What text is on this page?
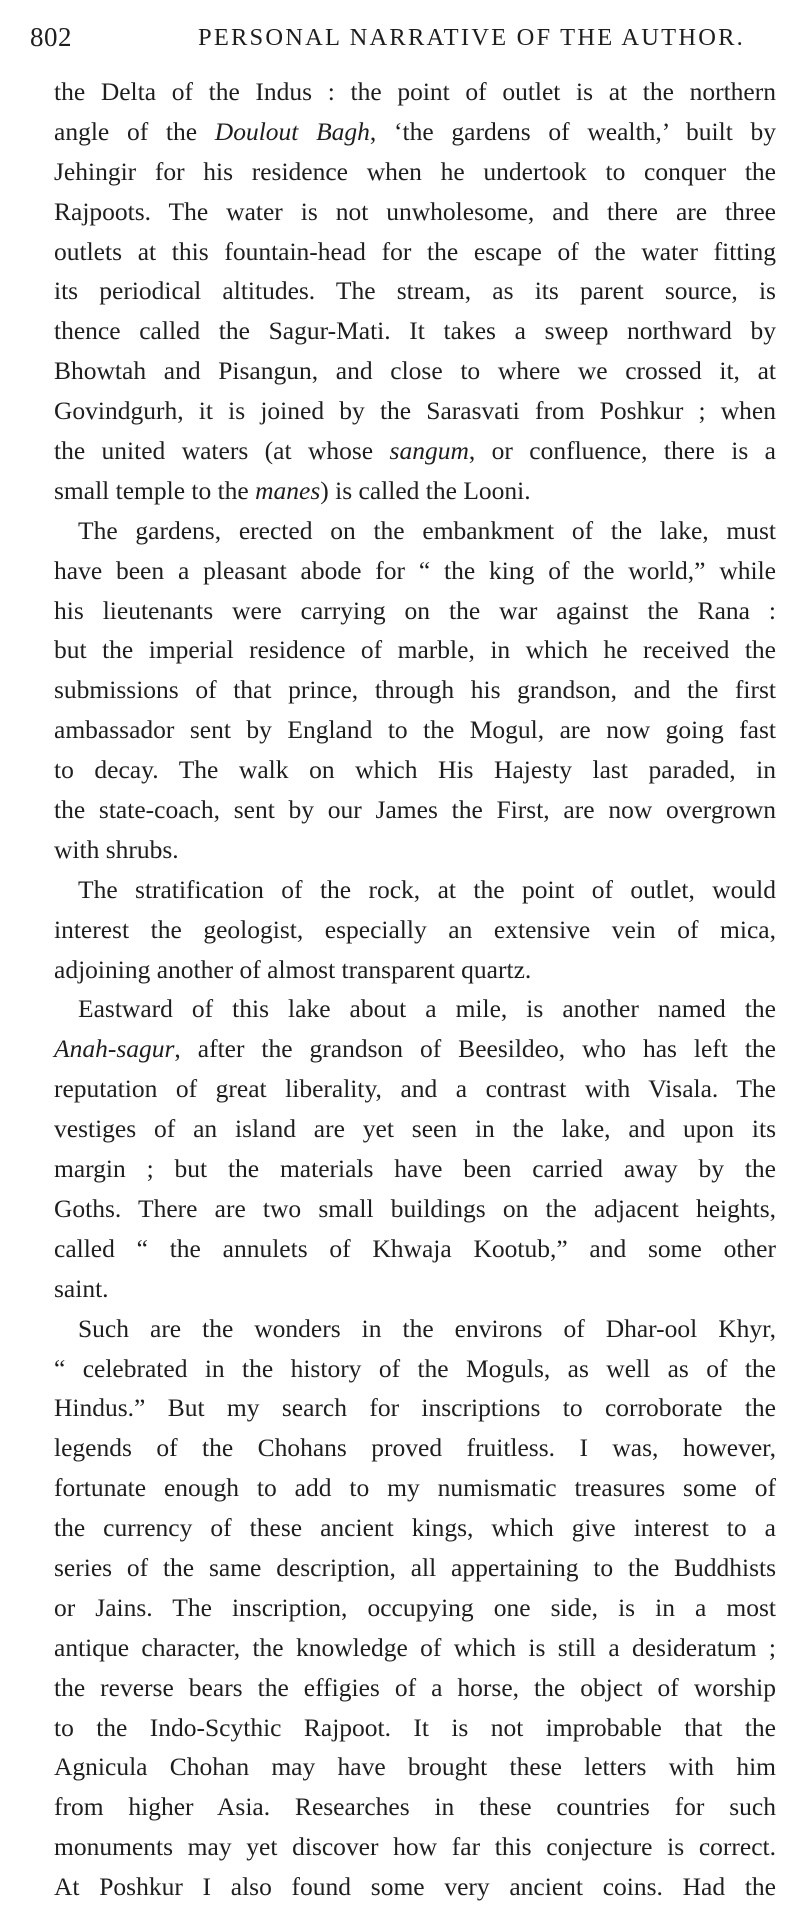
802	PERSONAL NARRATIVE OF THE AUTHOR.
the Delta of the Indus : the point of outlet is at the northern
angle of the Doulout Bagh, ‘the gardens of wealth,’ built by
Jehingir for his residence when he undertook to conquer the
Rajpoots. The water is not unwholesome, and there are three
outlets at this fountain-head for the escape of the water fitting
its periodical altitudes. The stream, as its parent source, is
thence called the Sagur-Mati. It takes a sweep northward by
Bhowtah and Pisangun, and close to where we crossed it, at
Govindgurh, it is joined by the Sarasvati from Poshkur ; when
the united waters (at whose sangum, or confluence, there is a
small temple to the manes) is called the Looni.
The gardens, erected on the embankment of the lake, must
have been a pleasant abode for “ the king of the world,” while
his lieutenants were carrying on the war against the Rana :
but the imperial residence of marble, in which he received the
submissions of that prince, through his grandson, and the first
ambassador sent by England to the Mogul, are now going fast
to decay. The walk on which His Hajesty last paraded, in
the state-coach, sent by our James the First, are now overgrown
with shrubs.
The stratification of the rock, at the point of outlet, would
interest the geologist, especially an extensive vein of mica,
adjoining another of almost transparent quartz.
Eastward of this lake about a mile, is another named the
Anah-sagur, after the grandson of Beesildeo, who has left the
reputation of great liberality, and a contrast with Visala. The
vestiges of an island are yet seen in the lake, and upon its
margin ; but the materials have been carried away by the
Goths. There are two small buildings on the adjacent heights,
called “ the annulets of Khwaja Kootub,” and some other
saint.
Such are the wonders in the environs of Dhar-ool Khyr,
“ celebrated in the history of the Moguls, as well as of the
Hindus.” But my search for inscriptions to corroborate the
legends of the Chohans proved fruitless. I was, however,
fortunate enough to add to my numismatic treasures some of
the currency of these ancient kings, which give interest to a
series of the same description, all appertaining to the Buddhists
or Jains. The inscription, occupying one side, is in a most
antique character, the knowledge of which is still a desideratum ;
the reverse bears the effigies of a horse, the object of worship
to the Indo-Scythic Rajpoot. It is not improbable that the
Agnicula Chohan may have brought these letters with him
from higher Asia. Researches in these countries for such
monuments may yet discover how far this conjecture is correct.
At Poshkur I also found some very ancient coins. Had the
